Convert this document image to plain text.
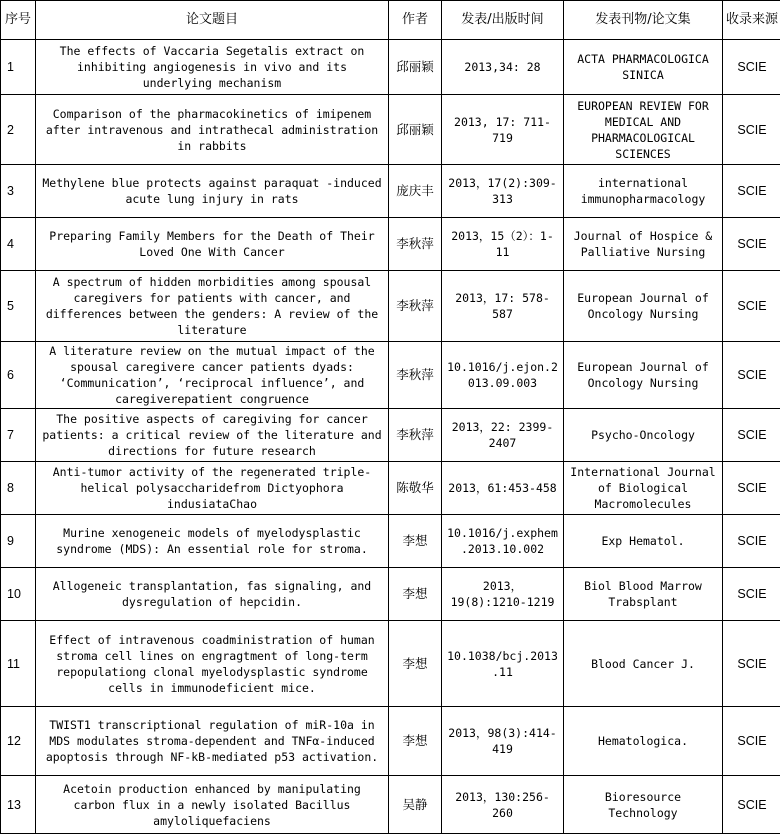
序号	论文题目	作者	发表/出版时间	发表刊物/论文集	收录来源
1	The effects of Vaccaria Segetalis extract on inhibiting angiogenesis in vivo and its underlying mechanism	邱丽颖	2013,34: 28	ACTA PHARMACOLOGICA SINICA	SCIE
2	Comparison of the pharmacokinetics of imipenem after intravenous and intrathecal administration in rabbits	邱丽颖	2013, 17: 711-719	EUROPEAN REVIEW FOR MEDICAL AND PHARMACOLOGICAL SCIENCES	SCIE
3	Methylene blue protects against paraquat -induced acute lung injury in rats	庞庆丰	2013，17(2):309-313	international immunopharmacology	SCIE
4	Preparing Family Members for the Death of Their Loved One With Cancer	李秋萍	2013，15（2）：1-11	Journal of Hospice & Palliative Nursing	SCIE
5	A spectrum of hidden morbidities among spousal caregivers for patients with cancer, and differences between the genders: A review of the literature	李秋萍	2013，17: 578-587	European Journal of Oncology Nursing	SCIE
6	A literature review on the mutual impact of the spousal caregivere cancer patients dyads: ‘Communication’, ‘reciprocal influence’, and caregiverepatient congruence	李秋萍	10.1016/j.ejon.2013.09.003	European Journal of Oncology Nursing	SCIE
7	The positive aspects of caregiving for cancer patients: a critical review of the literature and directions for future research	李秋萍	2013，22: 2399-2407	Psycho-Oncology	SCIE
8	Anti-tumor activity of the regenerated triple-helical polysaccharidefrom Dictyophora indusiataChao	陈敬华	2013，61:453-458	International Journal of Biological Macromolecules	SCIE
9	Murine xenogeneic models of myelodysplastic syndrome (MDS): An essential role for stroma.	李想	10.1016/j.exphem.2013.10.002	Exp Hematol.	SCIE
10	Allogeneic transplantation, fas signaling, and dysregulation of hepcidin.	李想	2013，19(8):1210-1219	Biol Blood Marrow Trabsplant	SCIE
11	Effect of intravenous coadministration of human stroma cell lines on engragtment of long-term repopulationg clonal myelodysplastic syndrome cells in immunodeficient mice.	李想	10.1038/bcj.2013.11	Blood Cancer J.	SCIE
12	TWIST1 transcriptional regulation of miR-10a in MDS modulates stroma-dependent and TNFα-induced apoptosis through NF-kB-mediated p53 activation.	李想	2013，98(3):414-419	Hematologica.	SCIE
13	Acetoin production enhanced by manipulating carbon flux in a newly isolated Bacillus amyloliquefaciens	吴静	2013，130:256-260	Bioresource Technology	SCIE
